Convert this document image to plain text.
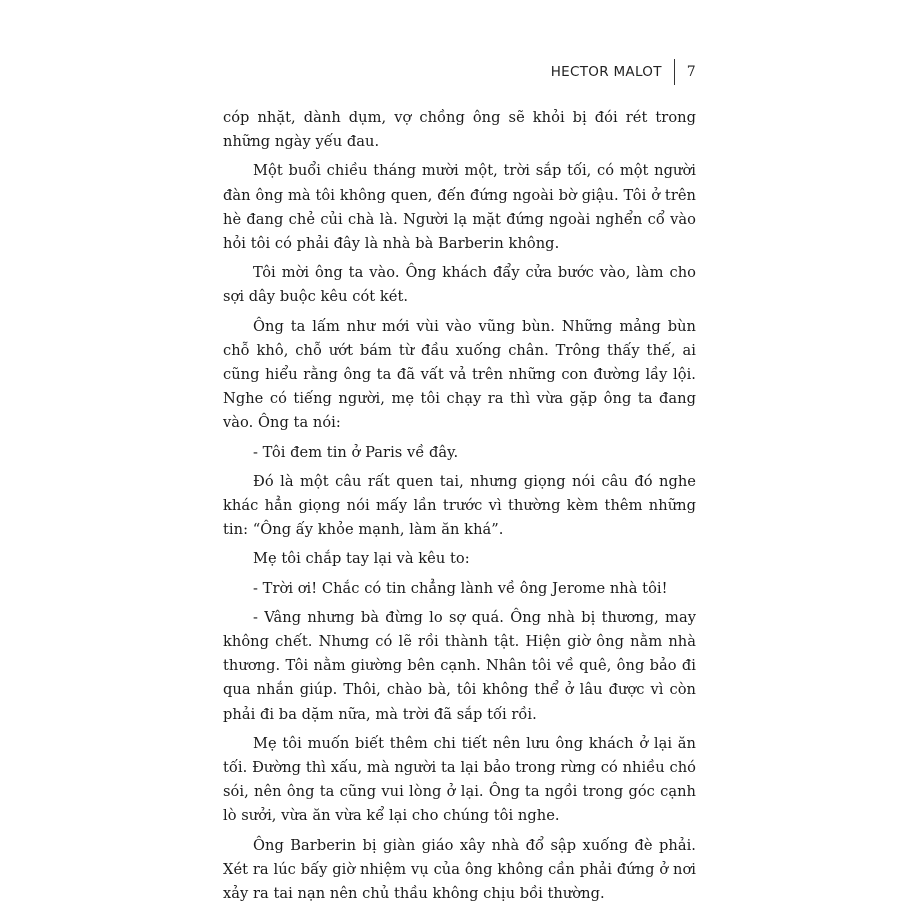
HECTOR MALOT	7

cóp nhặt, dành dụm, vợ chồng ông sẽ khỏi bị đói rét trong những ngày yếu đau.

Một buổi chiều tháng mười một, trời sắp tối, có một người đàn ông mà tôi không quen, đến đứng ngoài bờ giậu. Tôi ở trên hè đang chẻ củi chà là. Người lạ mặt đứng ngoài nghển cổ vào hỏi tôi có phải đây là nhà bà Barberin không.

Tôi mời ông ta vào. Ông khách đẩy cửa bước vào, làm cho sợi dây buộc kêu cót két.

Ông ta lấm như mới vùi vào vũng bùn. Những mảng bùn chỗ khô, chỗ ướt bám từ đầu xuống chân. Trông thấy thế, ai cũng hiểu rằng ông ta đã vất vả trên những con đường lầy lội. Nghe có tiếng người, mẹ tôi chạy ra thì vừa gặp ông ta đang vào. Ông ta nói:

- Tôi đem tin ở Paris về đây.

Đó là một câu rất quen tai, nhưng giọng nói câu đó nghe khác hẳn giọng nói mấy lần trước vì thường kèm thêm những tin: “Ông ấy khỏe mạnh, làm ăn khá”.

Mẹ tôi chắp tay lại và kêu to:

- Trời ơi! Chắc có tin chẳng lành về ông Jerome nhà tôi!

- Vâng nhưng bà đừng lo sợ quá. Ông nhà bị thương, may không chết. Nhưng có lẽ rồi thành tật. Hiện giờ ông nằm nhà thương. Tôi nằm giường bên cạnh. Nhân tôi về quê, ông bảo đi qua nhắn giúp. Thôi, chào bà, tôi không thể ở lâu được vì còn phải đi ba dặm nữa, mà trời đã sắp tối rồi.

Mẹ tôi muốn biết thêm chi tiết nên lưu ông khách ở lại ăn tối. Đường thì xấu, mà người ta lại bảo trong rừng có nhiều chó sói, nên ông ta cũng vui lòng ở lại. Ông ta ngồi trong góc cạnh lò sưởi, vừa ăn vừa kể lại cho chúng tôi nghe.

Ông Barberin bị giàn giáo xây nhà đổ sập xuống đè phải. Xét ra lúc bấy giờ nhiệm vụ của ông không cần phải đứng ở nơi xảy ra tai nạn nên chủ thầu không chịu bồi thường.
